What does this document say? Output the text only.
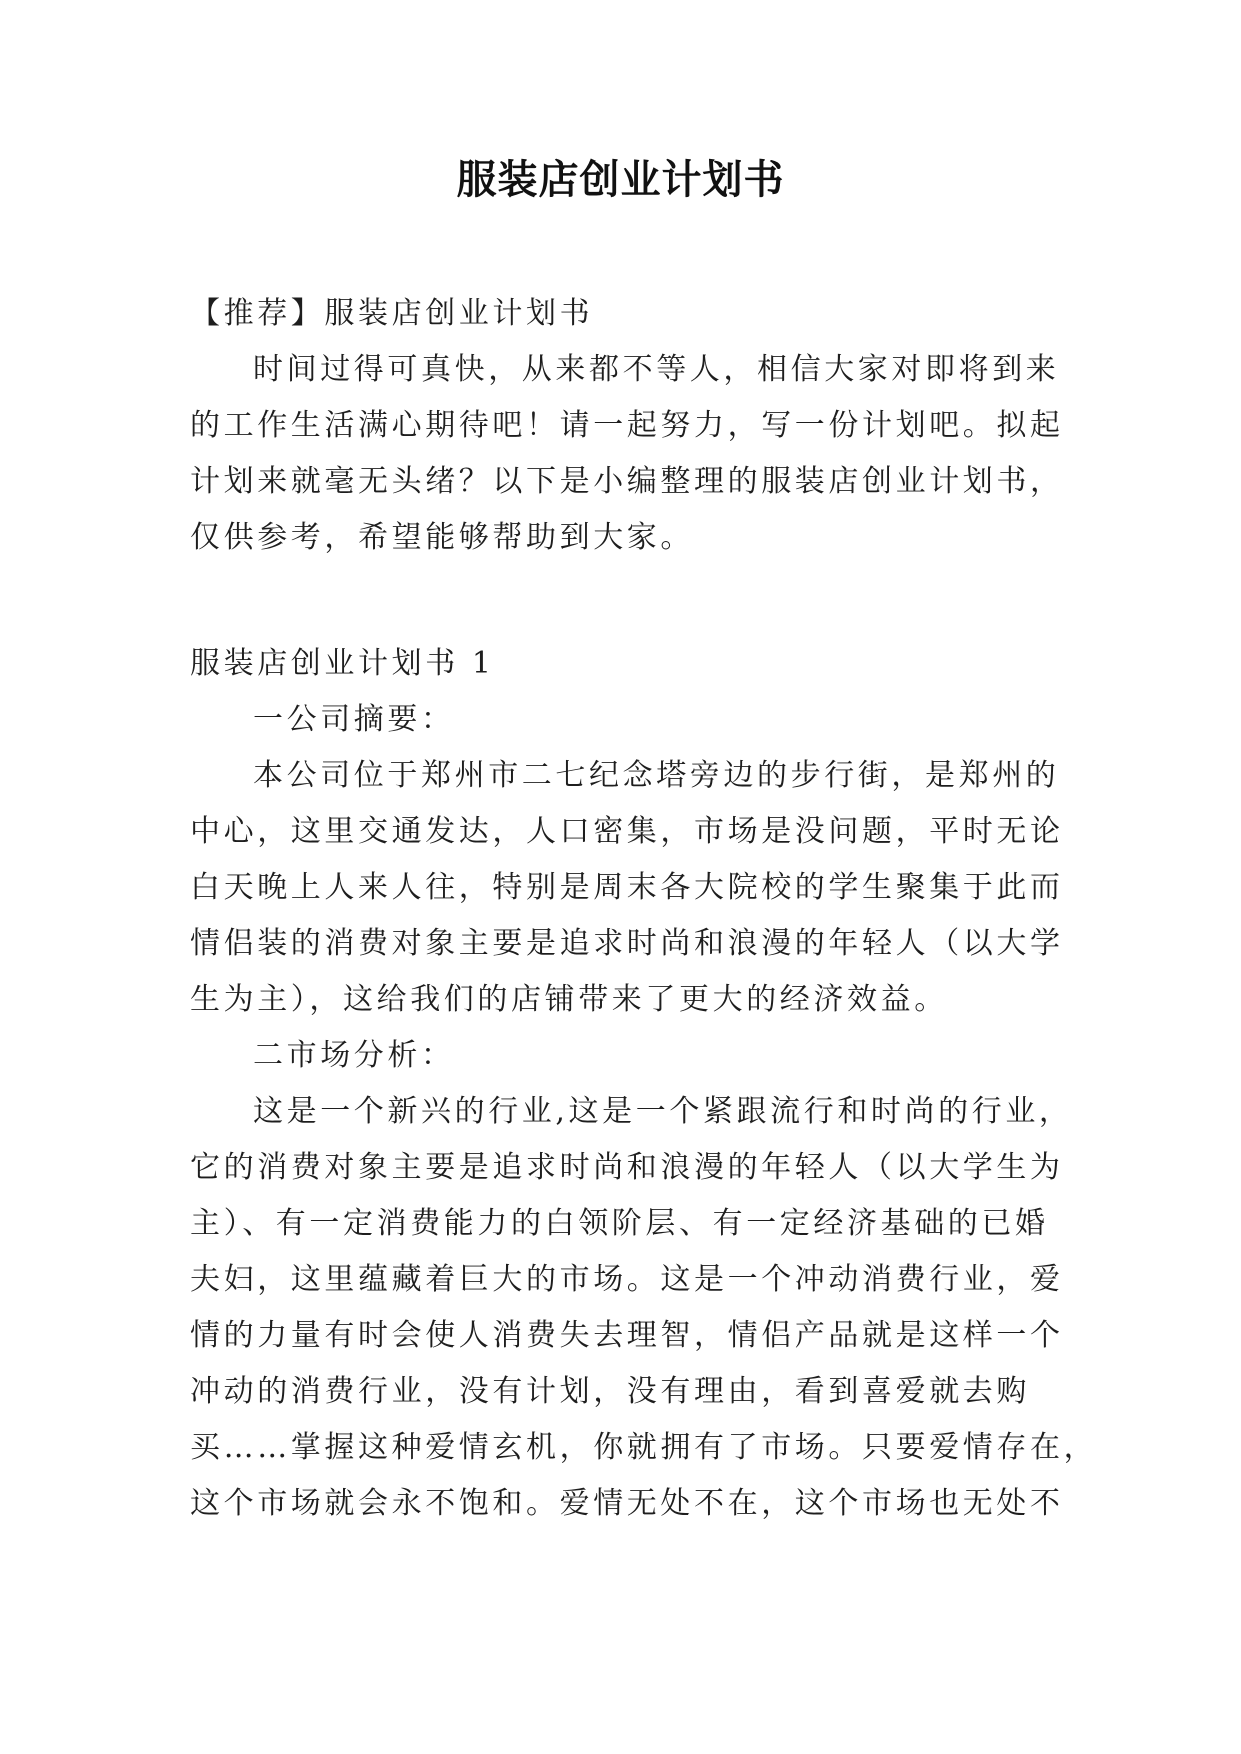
服装店创业计划书
【推荐】服装店创业计划书
时间过得可真快，从来都不等人，相信大家对即将到来
的工作生活满心期待吧！请一起努力，写一份计划吧。拟起
计划来就毫无头绪？以下是小编整理的服装店创业计划书，
仅供参考，希望能够帮助到大家。
服装店创业计划书 1
一公司摘要：
本公司位于郑州市二七纪念塔旁边的步行街，是郑州的
中心，这里交通发达，人口密集，市场是没问题，平时无论
白天晚上人来人往，特别是周末各大院校的学生聚集于此而
情侣装的消费对象主要是追求时尚和浪漫的年轻人（以大学
生为主），这给我们的店铺带来了更大的经济效益。
二市场分析：
这是一个新兴的行业,这是一个紧跟流行和时尚的行业，
它的消费对象主要是追求时尚和浪漫的年轻人（以大学生为
主）、有一定消费能力的白领阶层、有一定经济基础的已婚
夫妇，这里蕴藏着巨大的市场。这是一个冲动消费行业，爱
情的力量有时会使人消费失去理智，情侣产品就是这样一个
冲动的消费行业，没有计划，没有理由，看到喜爱就去购
买……掌握这种爱情玄机，你就拥有了市场。只要爱情存在，
这个市场就会永不饱和。爱情无处不在，这个市场也无处不
